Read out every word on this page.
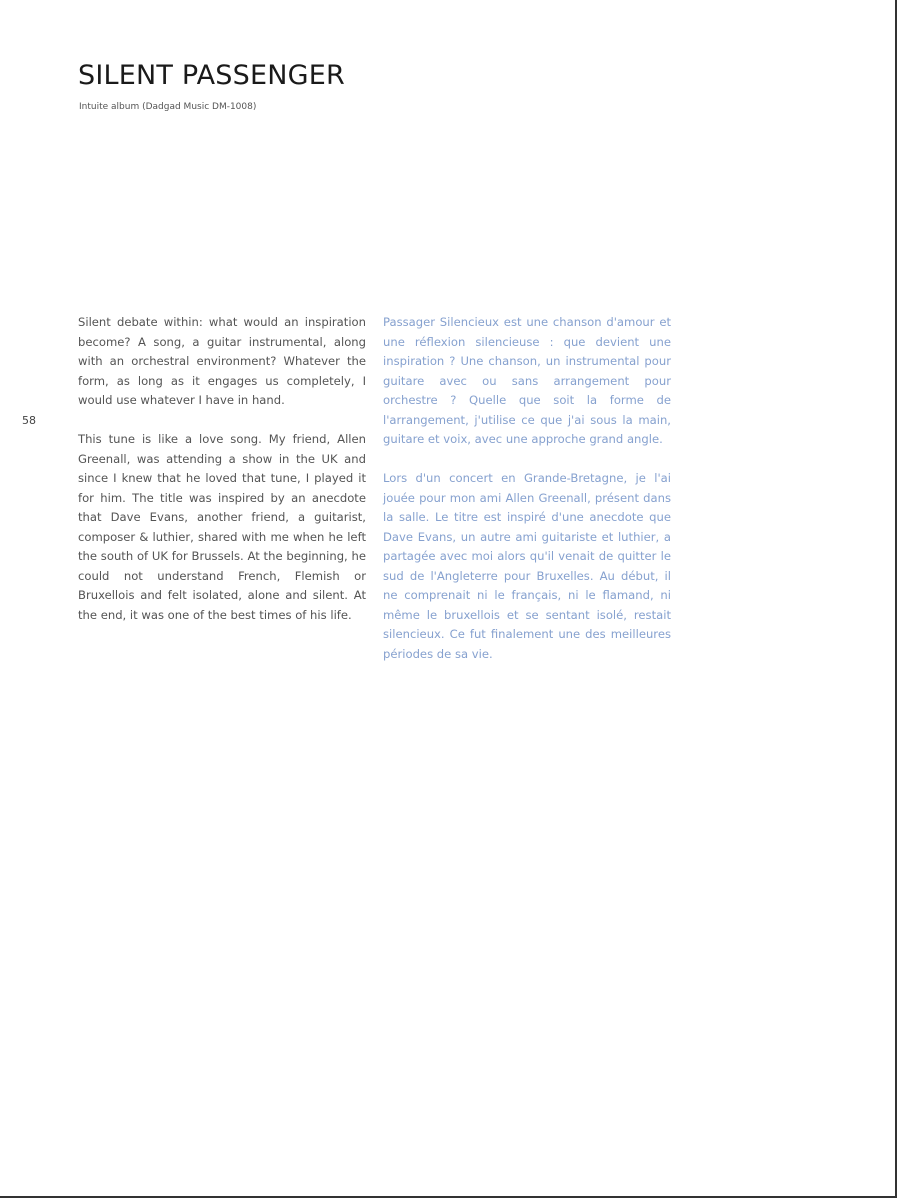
SILENT PASSENGER
Intuite album (Dadgad Music DM-1008)
58

Silent debate within: what would an inspiration become? A song, a guitar instrumental, along with an orchestral environment? Whatever the form, as long as it engages us completely, I would use whatever I have in hand.

This tune is like a love song. My friend, Allen Greenall, was attending a show in the UK and since I knew that he loved that tune, I played it for him. The title was inspired by an anecdote that Dave Evans, another friend, a guitarist, composer & luthier, shared with me when he left the south of UK for Brussels. At the beginning, he could not understand French, Flemish or Bruxellois and felt isolated, alone and silent. At the end, it was one of the best times of his life.

Passager Silencieux est une chanson d'amour et une réflexion silencieuse : que devient une inspiration ? Une chanson, un instrumental pour guitare avec ou sans arrangement pour orchestre ? Quelle que soit la forme de l'arrangement, j'utilise ce que j'ai sous la main, guitare et voix, avec une approche grand angle.

Lors d'un concert en Grande-Bretagne, je l'ai jouée pour mon ami Allen Greenall, présent dans la salle. Le titre est inspiré d'une anecdote que Dave Evans, un autre ami guitariste et luthier, a partagée avec moi alors qu'il venait de quitter le sud de l'Angleterre pour Bruxelles. Au début, il ne comprenait ni le français, ni le flamand, ni même le bruxellois et se sentant isolé, restait silencieux. Ce fut finalement une des meilleures périodes de sa vie.
